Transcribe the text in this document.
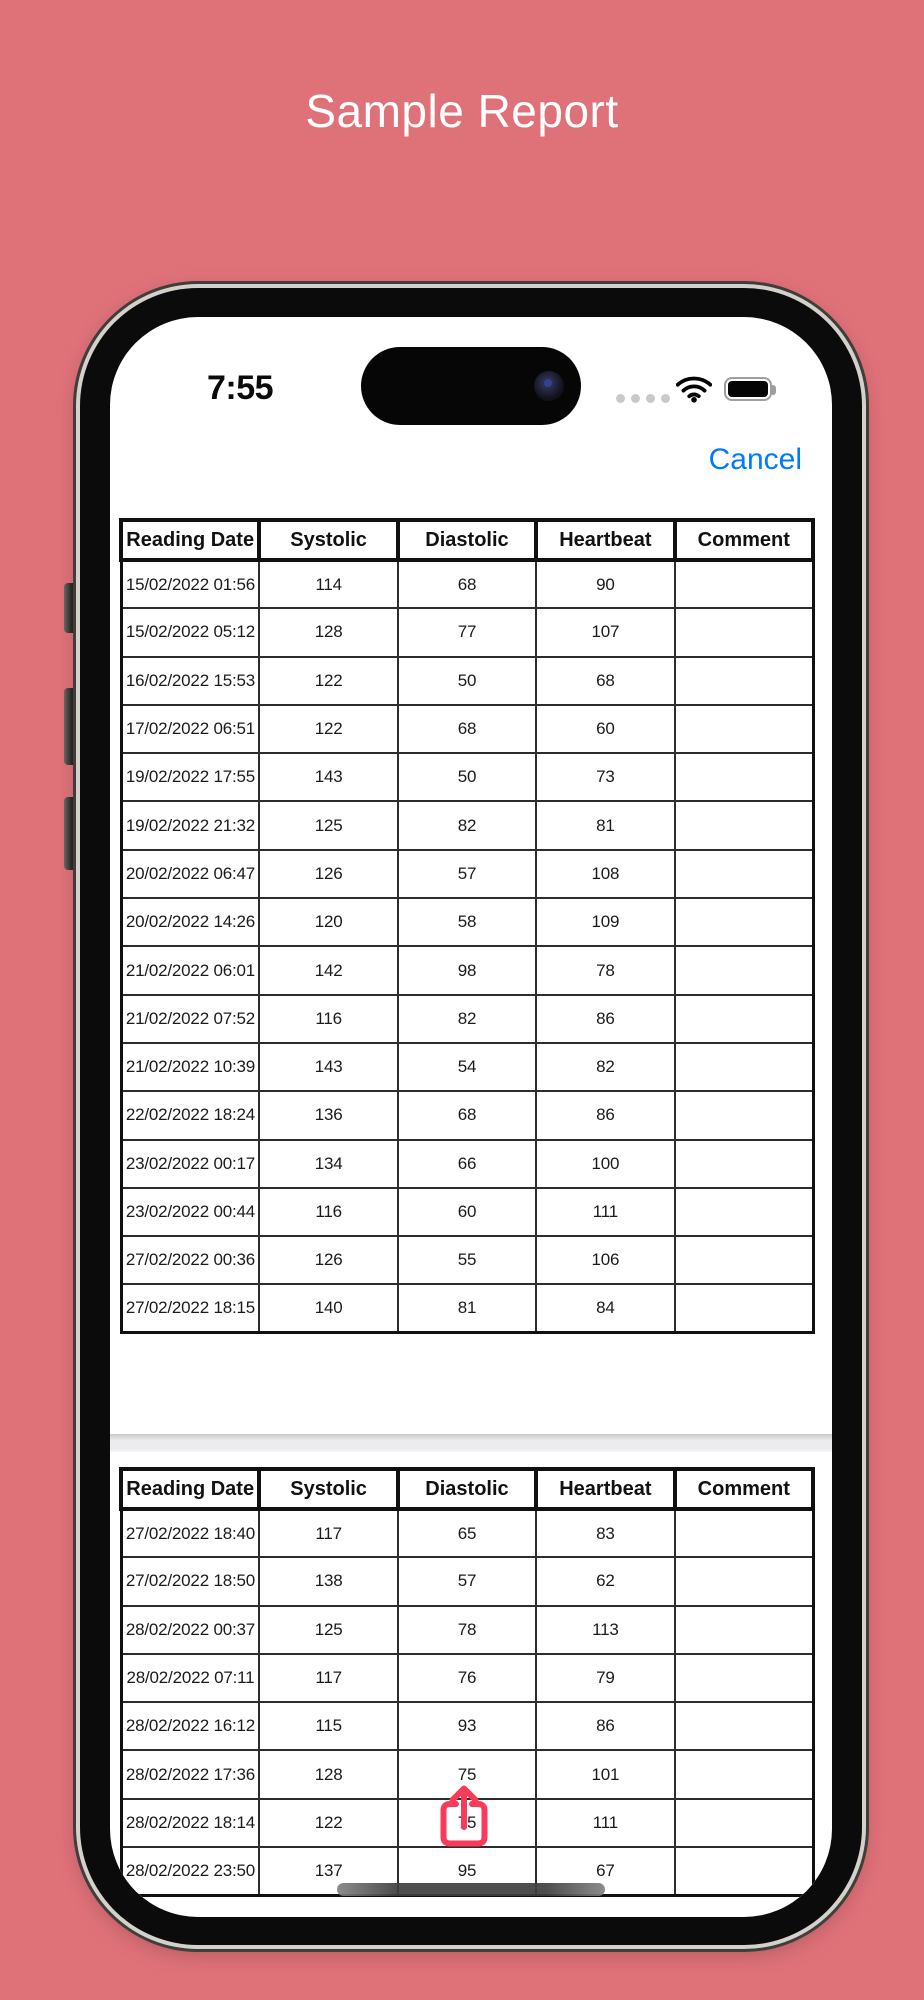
Sample Report
7:55
Cancel
Reading Date	Systolic	Diastolic	Heartbeat	Comment
15/02/2022 01:56	114	68	90	
15/02/2022 05:12	128	77	107	
16/02/2022 15:53	122	50	68	
17/02/2022 06:51	122	68	60	
19/02/2022 17:55	143	50	73	
19/02/2022 21:32	125	82	81	
20/02/2022 06:47	126	57	108	
20/02/2022 14:26	120	58	109	
21/02/2022 06:01	142	98	78	
21/02/2022 07:52	116	82	86	
21/02/2022 10:39	143	54	82	
22/02/2022 18:24	136	68	86	
23/02/2022 00:17	134	66	100	
23/02/2022 00:44	116	60	111	
27/02/2022 00:36	126	55	106	
27/02/2022 18:15	140	81	84	
Reading Date	Systolic	Diastolic	Heartbeat	Comment
27/02/2022 18:40	117	65	83	
27/02/2022 18:50	138	57	62	
28/02/2022 00:37	125	78	113	
28/02/2022 07:11	117	76	79	
28/02/2022 16:12	115	93	86	
28/02/2022 17:36	128	75	101	
28/02/2022 18:14	122	75	111	
28/02/2022 23:50	137	95	67	
